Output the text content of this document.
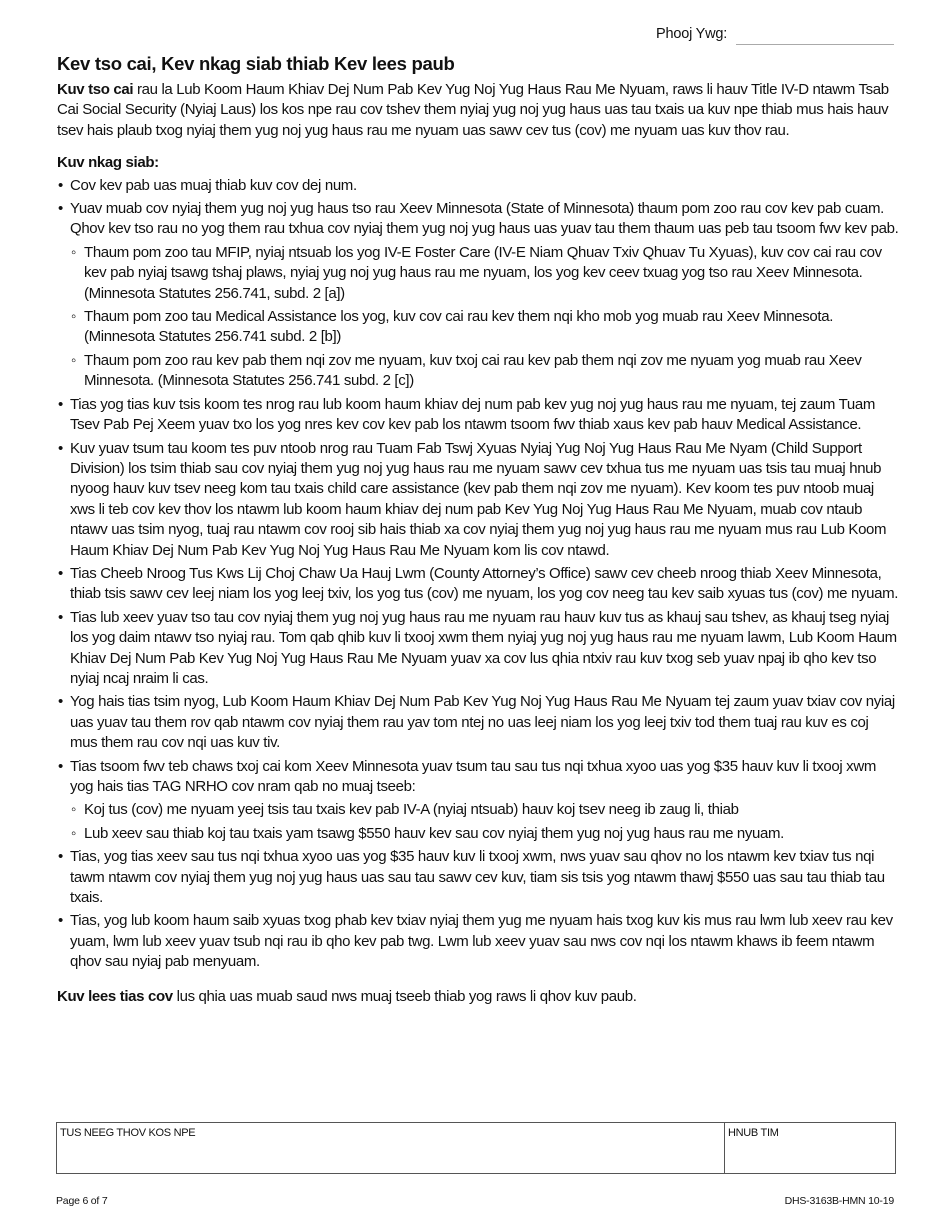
Phooj Ywg:
Kev tso cai, Kev nkag siab thiab Kev lees paub

Kuv tso cai rau la Lub Koom Haum Khiav Dej Num Pab Kev Yug Noj Yug Haus Rau Me Nyuam, raws li hauv Title IV-D ntawm Tsab Cai Social Security (Nyiaj Laus) los kos npe rau cov tshev them nyiaj yug noj yug haus uas tau txais ua kuv npe thiab mus hais hauv tsev hais plaub txog nyiaj them yug noj yug haus rau me nyuam uas sawv cev tus (cov) me nyuam uas kuv thov rau.

Kuv nkag siab:

• Cov kev pab uas muaj thiab kuv cov dej num.
• Yuav muab cov nyiaj them yug noj yug haus tso rau Xeev Minnesota (State of Minnesota) thaum pom zoo rau cov kev pab cuam. Qhov kev tso rau no yog them rau txhua cov nyiaj them yug noj yug haus uas yuav tau them thaum uas peb tau tsoom fwv kev pab.
◦ Thaum pom zoo tau MFIP, nyiaj ntsuab los yog IV-E Foster Care (IV-E Niam Qhuav Txiv Qhuav Tu Xyuas), kuv cov cai rau cov kev pab nyiaj tsawg tshaj plaws, nyiaj yug noj yug haus rau me nyuam, los yog kev ceev txuag yog tso rau Xeev Minnesota. (Minnesota Statutes 256.741, subd. 2 [a])
◦ Thaum pom zoo tau Medical Assistance los yog, kuv cov cai rau kev them nqi kho mob yog muab rau Xeev Minnesota. (Minnesota Statutes 256.741 subd. 2 [b])
◦ Thaum pom zoo rau kev pab them nqi zov me nyuam, kuv txoj cai rau kev pab them nqi zov me nyuam yog muab rau Xeev Minnesota. (Minnesota Statutes 256.741 subd. 2 [c])
• Tias yog tias kuv tsis koom tes nrog rau lub koom haum khiav dej num pab kev yug noj yug haus rau me nyuam, tej zaum Tuam Tsev Pab Pej Xeem yuav txo los yog nres kev cov kev pab los ntawm tsoom fwv thiab xaus kev pab hauv Medical Assistance.
• Kuv yuav tsum tau koom tes puv ntoob nrog rau Tuam Fab Tswj Xyuas Nyiaj Yug Noj Yug Haus Rau Me Nyam (Child Support Division) los tsim thiab sau cov nyiaj them yug noj yug haus rau me nyuam sawv cev txhua tus me nyuam uas tsis tau muaj hnub nyoog hauv kuv tsev neeg kom tau txais child care assistance (kev pab them nqi zov me nyuam). Kev koom tes puv ntoob muaj xws li teb cov kev thov los ntawm lub koom haum khiav dej num pab Kev Yug Noj Yug Haus Rau Me Nyuam, muab cov ntaub ntawv uas tsim nyog, tuaj rau ntawm cov rooj sib hais thiab xa cov nyiaj them yug noj yug haus rau me nyuam mus rau Lub Koom Haum Khiav Dej Num Pab Kev Yug Noj Yug Haus Rau Me Nyuam kom lis cov ntawd.
• Tias Cheeb Nroog Tus Kws Lij Choj Chaw Ua Hauj Lwm (County Attorney’s Office) sawv cev cheeb nroog thiab Xeev Minnesota, thiab tsis sawv cev leej niam los yog leej txiv, los yog tus (cov) me nyuam, los yog cov neeg tau kev saib xyuas tus (cov) me nyuam.
• Tias lub xeev yuav tso tau cov nyiaj them yug noj yug haus rau me nyuam rau hauv kuv tus as khauj sau tshev, as khauj tseg nyiaj los yog daim ntawv tso nyiaj rau. Tom qab qhib kuv li txooj xwm them nyiaj yug noj yug haus rau me nyuam lawm, Lub Koom Haum Khiav Dej Num Pab Kev Yug Noj Yug Haus Rau Me Nyuam yuav xa cov lus qhia ntxiv rau kuv txog seb yuav npaj ib qho kev tso nyiaj ncaj nraim li cas.
• Yog hais tias tsim nyog, Lub Koom Haum Khiav Dej Num Pab Kev Yug Noj Yug Haus Rau Me Nyuam tej zaum yuav txiav cov nyiaj uas yuav tau them rov qab ntawm cov nyiaj them rau yav tom ntej no uas leej niam los yog leej txiv tod them tuaj rau kuv es coj mus them rau cov nqi uas kuv tiv.
• Tias tsoom fwv teb chaws txoj cai kom Xeev Minnesota yuav tsum tau sau tus nqi txhua xyoo uas yog $35 hauv kuv li txooj xwm yog hais tias TAG NRHO cov nram qab no muaj tseeb:
◦ Koj tus (cov) me nyuam yeej tsis tau txais kev pab IV-A (nyiaj ntsuab) hauv koj tsev neeg ib zaug li, thiab
◦ Lub xeev sau thiab koj tau txais yam tsawg $550 hauv kev sau cov nyiaj them yug noj yug haus rau me nyuam.
• Tias, yog tias xeev sau tus nqi txhua xyoo uas yog $35 hauv kuv li txooj xwm, nws yuav sau qhov no los ntawm kev txiav tus nqi tawm ntawm cov nyiaj them yug noj yug haus uas sau tau sawv cev kuv, tiam sis tsis yog ntawm thawj $550 uas sau tau thiab tau txais.
• Tias, yog lub koom haum saib xyuas txog phab kev txiav nyiaj them yug me nyuam hais txog kuv kis mus rau lwm lub xeev rau kev yuam, lwm lub xeev yuav tsub nqi rau ib qho kev pab twg. Lwm lub xeev yuav sau nws cov nqi los ntawm khaws ib feem ntawm qhov sau nyiaj pab menyuam.

Kuv lees tias cov lus qhia uas muab saud nws muaj tseeb thiab yog raws li qhov kuv paub.

TUS NEEG THOV KOS NPE	HNUB TIM
Page 6 of 7	DHS-3163B-HMN 10-19
